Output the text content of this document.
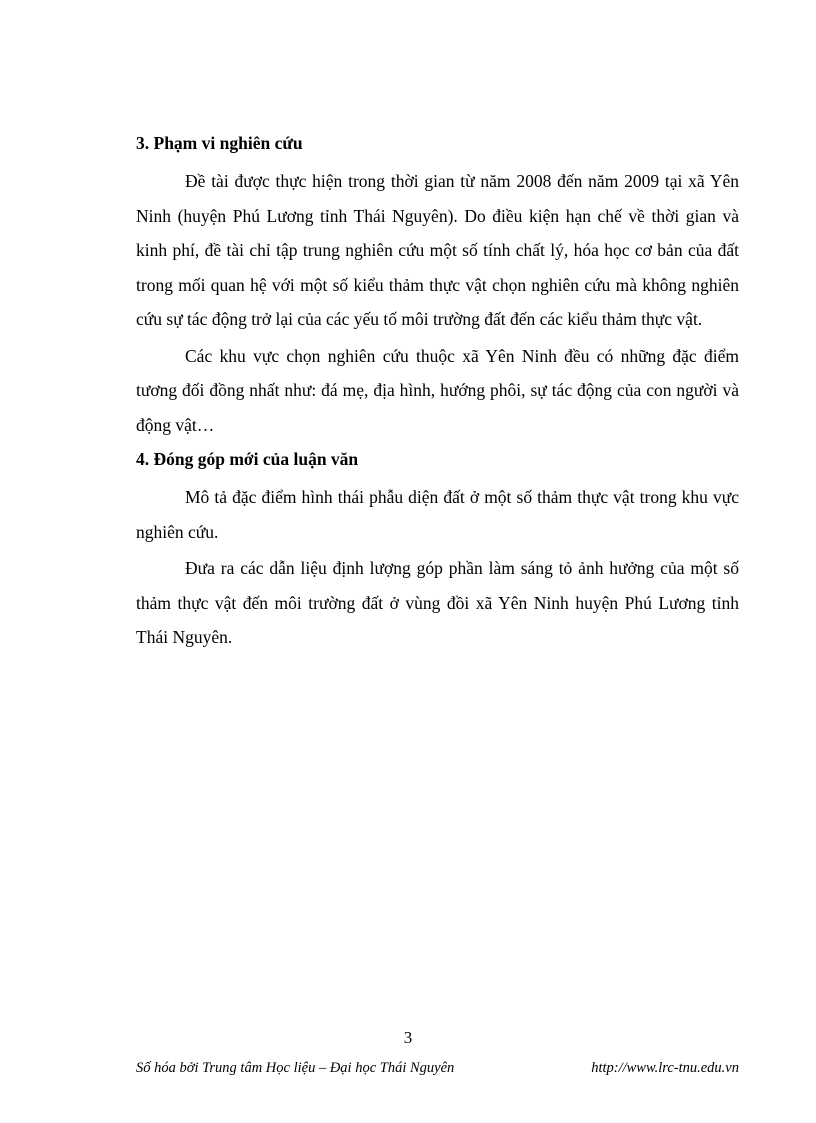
3. Phạm vi nghiên cứu

Đề tài được thực hiện trong thời gian từ năm 2008 đến năm 2009 tại xã Yên Ninh (huyện Phú Lương tỉnh Thái Nguyên). Do điều kiện hạn chế về thời gian và kinh phí, đề tài chỉ tập trung nghiên cứu một số tính chất lý, hóa học cơ bản của đất trong mối quan hệ với một số kiểu thảm thực vật chọn nghiên cứu mà không nghiên cứu sự tác động trở lại của các yếu tố môi trường đất đến các kiểu thảm thực vật.

Các khu vực chọn nghiên cứu thuộc xã Yên Ninh đều có những đặc điểm tương đối đồng nhất như: đá mẹ, địa hình, hướng phôi, sự tác động của con người và động vật…

4. Đóng góp mới của luận văn

Mô tả đặc điểm hình thái phẫu diện đất ở một số thảm thực vật trong khu vực nghiên cứu.

Đưa ra các dẫn liệu định lượng góp phần làm sáng tỏ ảnh hưởng của một số thảm thực vật đến môi trường đất ở vùng đồi xã Yên Ninh huyện Phú Lương tỉnh Thái Nguyên.

3
Số hóa bởi Trung tâm Học liệu – Đại học Thái Nguyên	http://www.lrc-tnu.edu.vn
